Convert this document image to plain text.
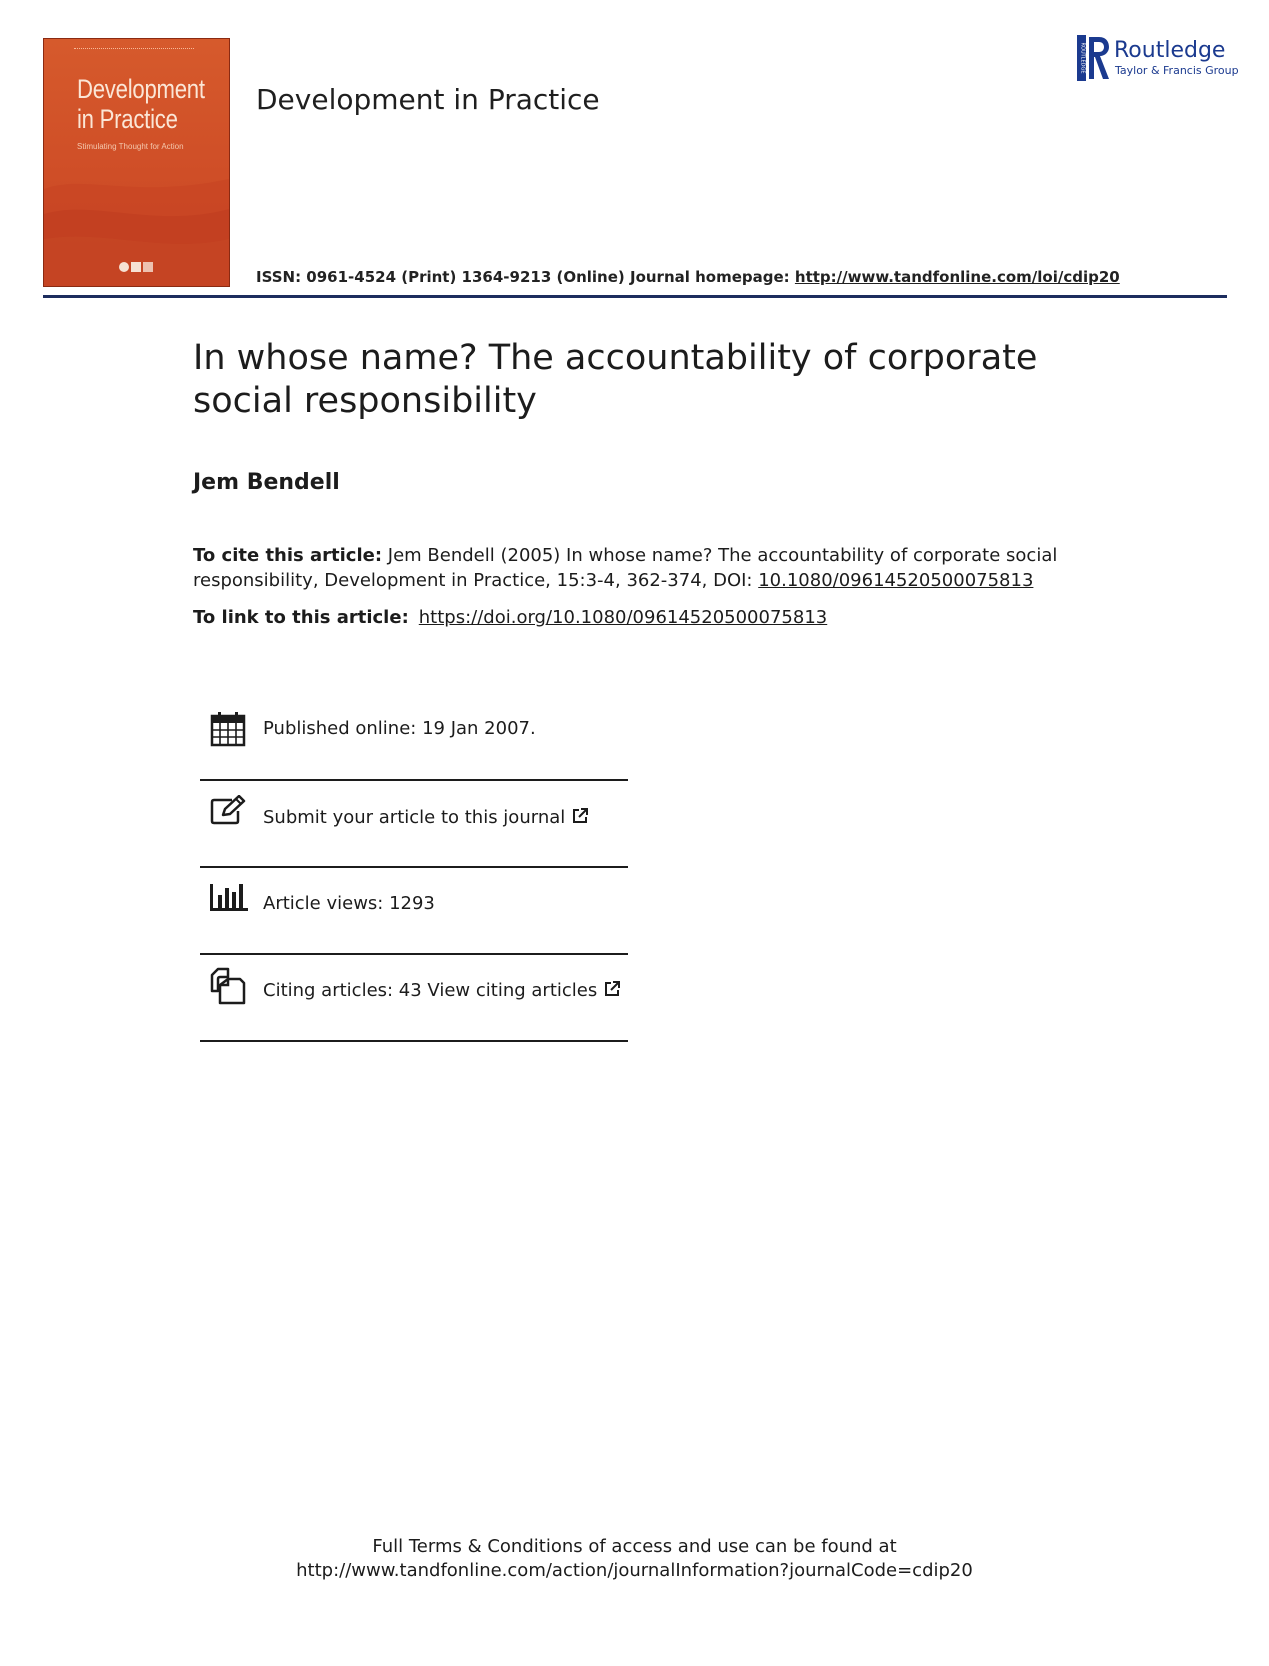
Development
in Practice
Stimulating Thought for Action
Development in Practice
ROUTLEDGE Routledge
Taylor & Francis Group
ISSN: 0961-4524 (Print) 1364-9213 (Online) Journal homepage: http://www.tandfonline.com/loi/cdip20
In whose name? The accountability of corporate social responsibility
Jem Bendell
To cite this article: Jem Bendell (2005) In whose name? The accountability of corporate social responsibility, Development in Practice, 15:3-4, 362-374, DOI: 10.1080/09614520500075813
To link to this article: https://doi.org/10.1080/09614520500075813
Published online: 19 Jan 2007.
Submit your article to this journal
Article views: 1293
Citing articles: 43 View citing articles
Full Terms & Conditions of access and use can be found at
http://www.tandfonline.com/action/journalInformation?journalCode=cdip20
